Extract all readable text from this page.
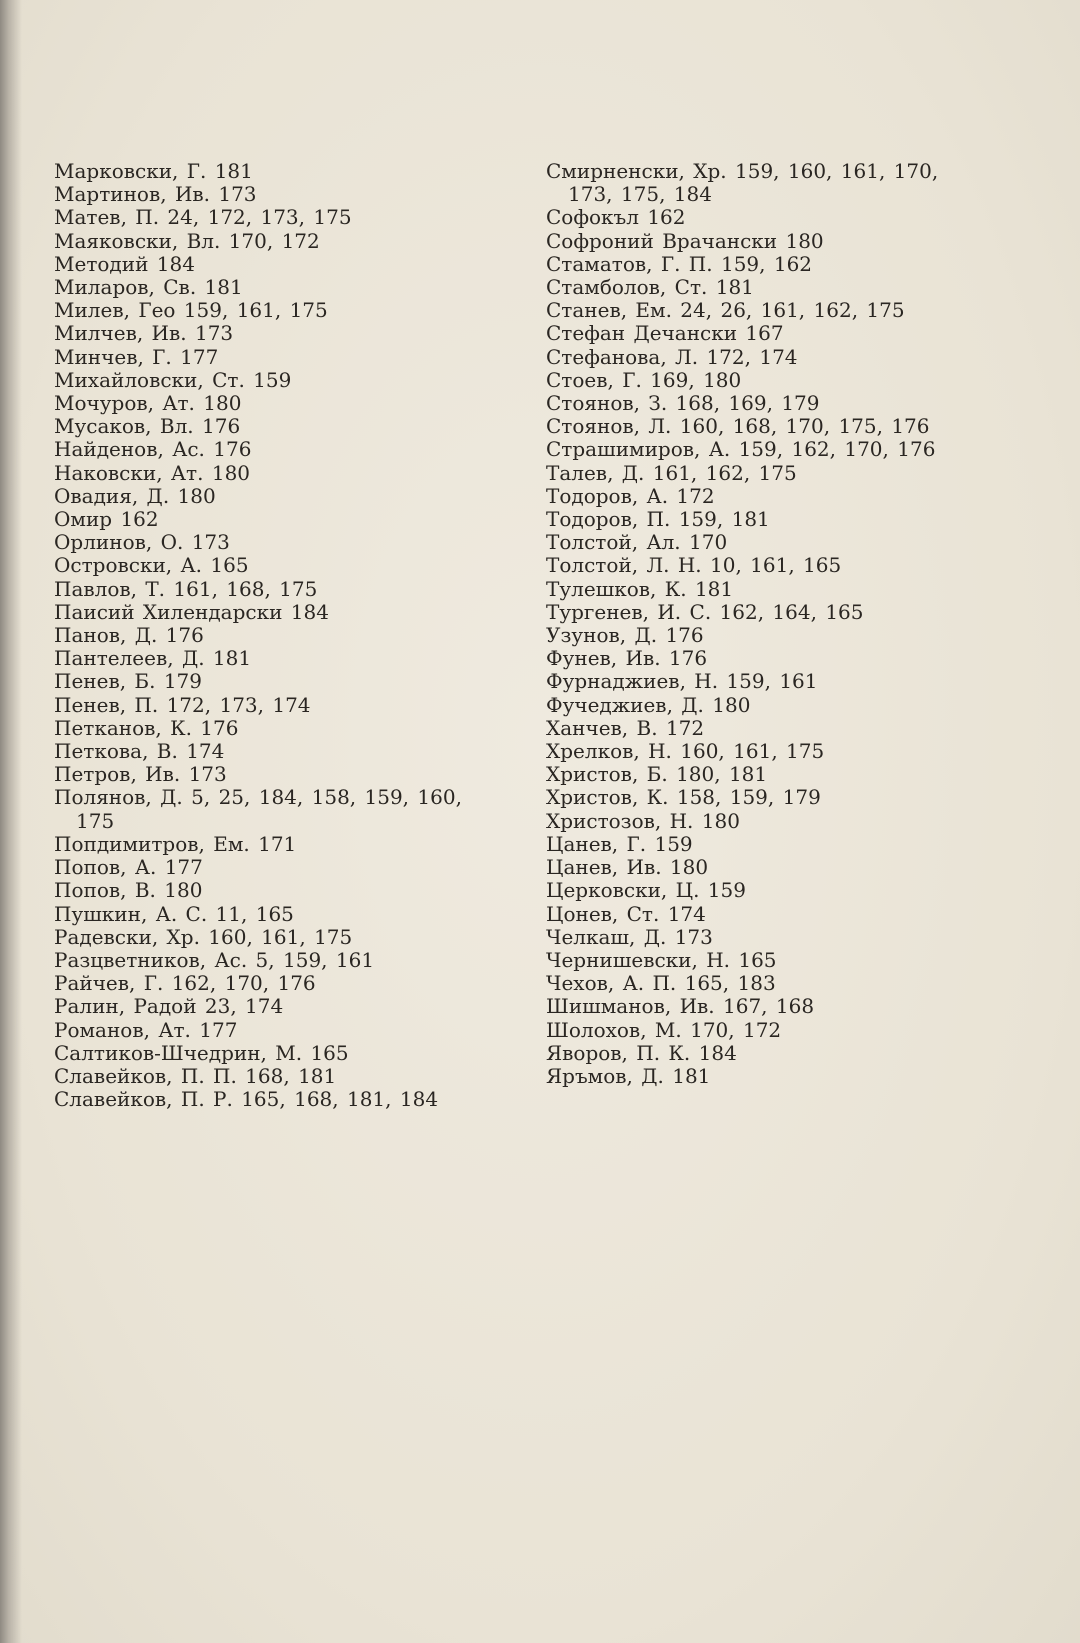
Марковски, Г. 181
Мартинов, Ив. 173
Матев, П. 24, 172, 173, 175
Маяковски, Вл. 170, 172
Методий 184
Миларов, Св. 181
Милев, Гео 159, 161, 175
Милчев, Ив. 173
Минчев, Г. 177
Михайловски, Ст. 159
Мочуров, Ат. 180
Мусаков, Вл. 176
Найденов, Ас. 176
Наковски, Ат. 180
Овадия, Д. 180
Омир 162
Орлинов, О. 173
Островски, А. 165
Павлов, Т. 161, 168, 175
Паисий Хилендарски 184
Панов, Д. 176
Пантелеев, Д. 181
Пенев, Б. 179
Пенев, П. 172, 173, 174
Петканов, К. 176
Петкова, В. 174
Петров, Ив. 173
Полянов, Д. 5, 25, 184, 158, 159, 160, 175
Попдимитров, Ем. 171
Попов, А. 177
Попов, В. 180
Пушкин, А. С. 11, 165
Радевски, Хр. 160, 161, 175
Разцветников, Ас. 5, 159, 161
Райчев, Г. 162, 170, 176
Ралин, Радой 23, 174
Романов, Ат. 177
Салтиков-Шчедрин, М. 165
Славейков, П. П. 168, 181
Славейков, П. Р. 165, 168, 181, 184
Смирненски, Хр. 159, 160, 161, 170, 173, 175, 184
Софокъл 162
Софроний Врачански 180
Стаматов, Г. П. 159, 162
Стамболов, Ст. 181
Станев, Ем. 24, 26, 161, 162, 175
Стефан Дечански 167
Стефанова, Л. 172, 174
Стоев, Г. 169, 180
Стоянов, З. 168, 169, 179
Стоянов, Л. 160, 168, 170, 175, 176
Страшимиров, А. 159, 162, 170, 176
Талев, Д. 161, 162, 175
Тодоров, А. 172
Тодоров, П. 159, 181
Толстой, Ал. 170
Толстой, Л. Н. 10, 161, 165
Тулешков, К. 181
Тургенев, И. С. 162, 164, 165
Узунов, Д. 176
Фунев, Ив. 176
Фурнаджиев, Н. 159, 161
Фучеджиев, Д. 180
Ханчев, В. 172
Хрелков, Н. 160, 161, 175
Христов, Б. 180, 181
Христов, К. 158, 159, 179
Христозов, Н. 180
Цанев, Г. 159
Цанев, Ив. 180
Церковски, Ц. 159
Цонев, Ст. 174
Челкаш, Д. 173
Чернишевски, Н. 165
Чехов, А. П. 165, 183
Шишманов, Ив. 167, 168
Шолохов, М. 170, 172
Яворов, П. К. 184
Яръмов, Д. 181
